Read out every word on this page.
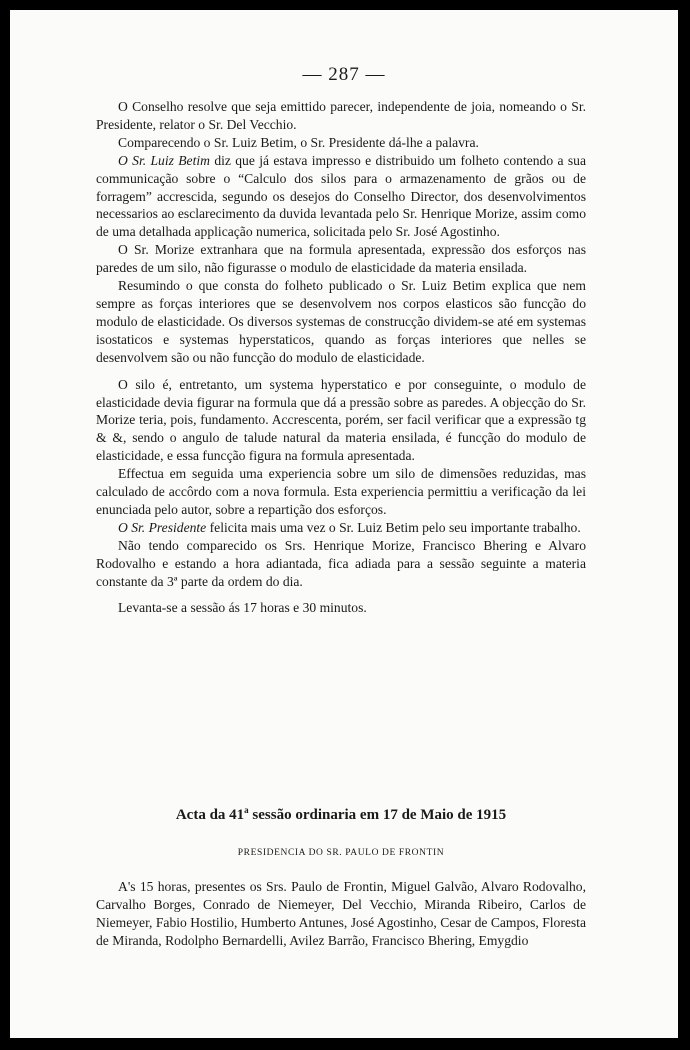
— 287 —

O Conselho resolve que seja emittido parecer, independente de joia, nomeando o Sr. Presidente, relator o Sr. Del Vecchio.

Comparecendo o Sr. Luiz Betim, o Sr. Presidente dá-lhe a palavra.

O Sr. Luiz Betim diz que já estava impresso e distribuido um folheto contendo a sua communicação sobre o “Calculo dos silos para o armazenamento de grãos ou de forragem” accrescida, segundo os desejos do Conselho Director, dos desenvolvimentos necessarios ao esclarecimento da duvida levantada pelo Sr. Henrique Morize, assim como de uma detalhada applicação numerica, solicitada pelo Sr. José Agostinho.

O Sr. Morize extranhara que na formula apresentada, expressão dos esforços nas paredes de um silo, não figurasse o modulo de elasticidade da materia ensilada.

Resumindo o que consta do folheto publicado o Sr. Luiz Betim explica que nem sempre as forças interiores que se desenvolvem nos corpos elasticos são funcção do modulo de elasticidade. Os diversos systemas de construcção dividem-se até em systemas isostaticos e systemas hyperstaticos, quando as forças interiores que nelles se desenvolvem são ou não funcção do modulo de elasticidade.

O silo é, entretanto, um systema hyperstatico e por conseguinte, o modulo de elasticidade devia figurar na formula que dá a pressão sobre as paredes. A objecção do Sr. Morize teria, pois, fundamento. Accrescenta, porém, ser facil verificar que a expressão tg & &, sendo o angulo de talude natural da materia ensilada, é funcção do modulo de elasticidade, e essa funcção figura na formula apresentada.

Effectua em seguida uma experiencia sobre um silo de dimensões reduzidas, mas calculado de accôrdo com a nova formula. Esta experiencia permittiu a verificação da lei enunciada pelo autor, sobre a repartição dos esforços.

O Sr. Presidente felicita mais uma vez o Sr. Luiz Betim pelo seu importante trabalho.

Não tendo comparecido os Srs. Henrique Morize, Francisco Bhering e Alvaro Rodovalho e estando a hora adiantada, fica adiada para a sessão seguinte a materia constante da 3ª parte da ordem do dia.

Levanta-se a sessão ás 17 horas e 30 minutos.

Acta da 41$^a$ sessão ordinaria em 17 de Maio de 1915
PRESIDENCIA DO SR. PAULO DE FRONTIN

A's 15 horas, presentes os Srs. Paulo de Frontin, Miguel Galvão, Alvaro Rodovalho, Carvalho Borges, Conrado de Niemeyer, Del Vecchio, Miranda Ribeiro, Carlos de Niemeyer, Fabio Hostilio, Humberto Antunes, José Agostinho, Cesar de Campos, Floresta de Miranda, Rodolpho Bernardelli, Avilez Barrão, Francisco Bhering, Emygdio
